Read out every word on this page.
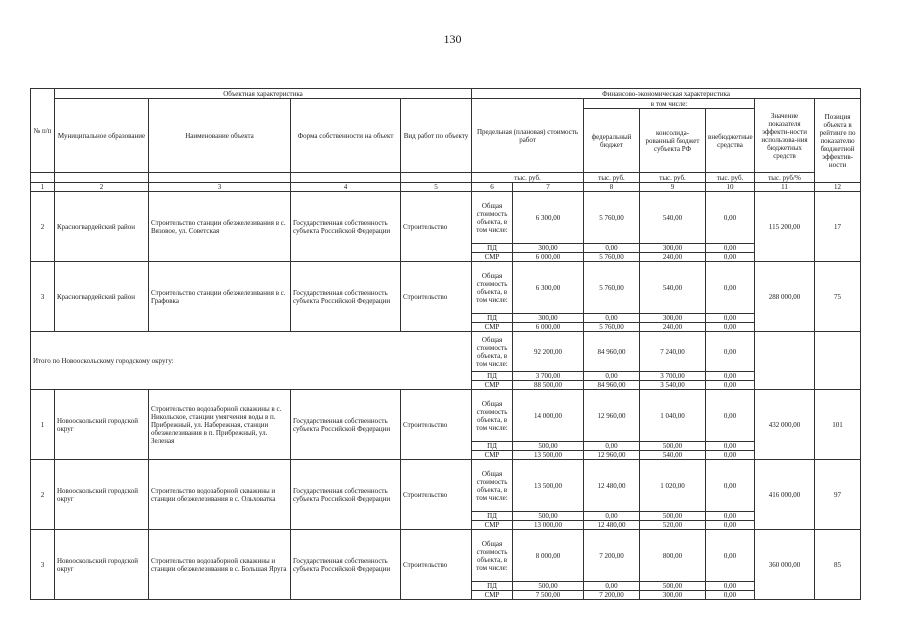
130
№ п/п	Объектная характеристика				Финансово-экономическая характеристика							
	Муниципальное образование	Наименование объекта	Форма собственности на объект	Вид работ по объекту	Предельная (плановая) стоимость работ		в том числе:			Значение показателя эффекти-ности использова-ния бюджетных средств	Позиция объекта в рейтинге по показателю бюджетной эффектив-ности	
							федеральный бюджет	консолида-рованный бюджет субъекта РФ	внебюджетные средства			

					тыс. руб.		тыс. руб.	тыс. руб.	тыс. руб.	тыс. руб/%		
1	2	3	4	5	6	7	8	9	10	11	12	
2	Красногвардейский район	Строительство станции обезжелезивания в с. Вязовое, ул. Советская	Государственная собственность субъекта Российской Федерации	Строительство	Общая стоимость объекта, в том числе:	6 300,00	5 760,00	540,00	0,00	115 200,00	17	
					ПД	300,00	0,00	300,00	0,00			
					СМР	6 000,00	5 760,00	240,00	0,00			
3	Красногвардейский район	Строительство станции обезжелезивания в с. Графовка	Государственная собственность субъекта Российской Федерации	Строительство	Общая стоимость объекта, в том числе:	6 300,00	5 760,00	540,00	0,00	288 000,00	75	
					ПД	300,00	0,00	300,00	0,00			
					СМР	6 000,00	5 760,00	240,00	0,00			
Итого по Новооскольскому городскому округу:					Общая стоимость объекта, в том числе:	92 200,00	84 960,00	7 240,00	0,00			
					ПД	3 700,00	0,00	3 700,00	0,00			
					СМР	88 500,00	84 960,00	3 540,00	0,00			
1	Новооскольский городской округ	Строительство водозаборной скважины в с. Никольское, станции умягчения воды в п. Прибрежный, ул. Набережная, станции обезжелезивания в п. Прибрежный, ул. Зеленая	Государственная собственность субъекта Российской Федерации	Строительство	Общая стоимость объекта, в том числе:	14 000,00	12 960,00	1 040,00	0,00	432 000,00	101	
					ПД	500,00	0,00	500,00	0,00			
					СМР	13 500,00	12 960,00	540,00	0,00			
2	Новооскольский городской округ	Строительство водозаборной скважины и станции обезжелезивания в с. Ольховатка	Государственная собственность субъекта Российской Федерации	Строительство	Общая стоимость объекта, в том числе:	13 500,00	12 480,00	1 020,00	0,00	416 000,00	97	
					ПД	500,00	0,00	500,00	0,00			
					СМР	13 000,00	12 480,00	520,00	0,00			
3	Новооскольский городской округ	Строительство водозаборной скважины и станции обезжелезивания в с. Большая Яруга	Государственная собственность субъекта Российской Федерации	Строительство	Общая стоимость объекта, в том числе:	8 000,00	7 200,00	800,00	0,00	360 000,00	85	
					ПД	500,00	0,00	500,00	0,00			
					СМР	7 500,00	7 200,00	300,00	0,00			
